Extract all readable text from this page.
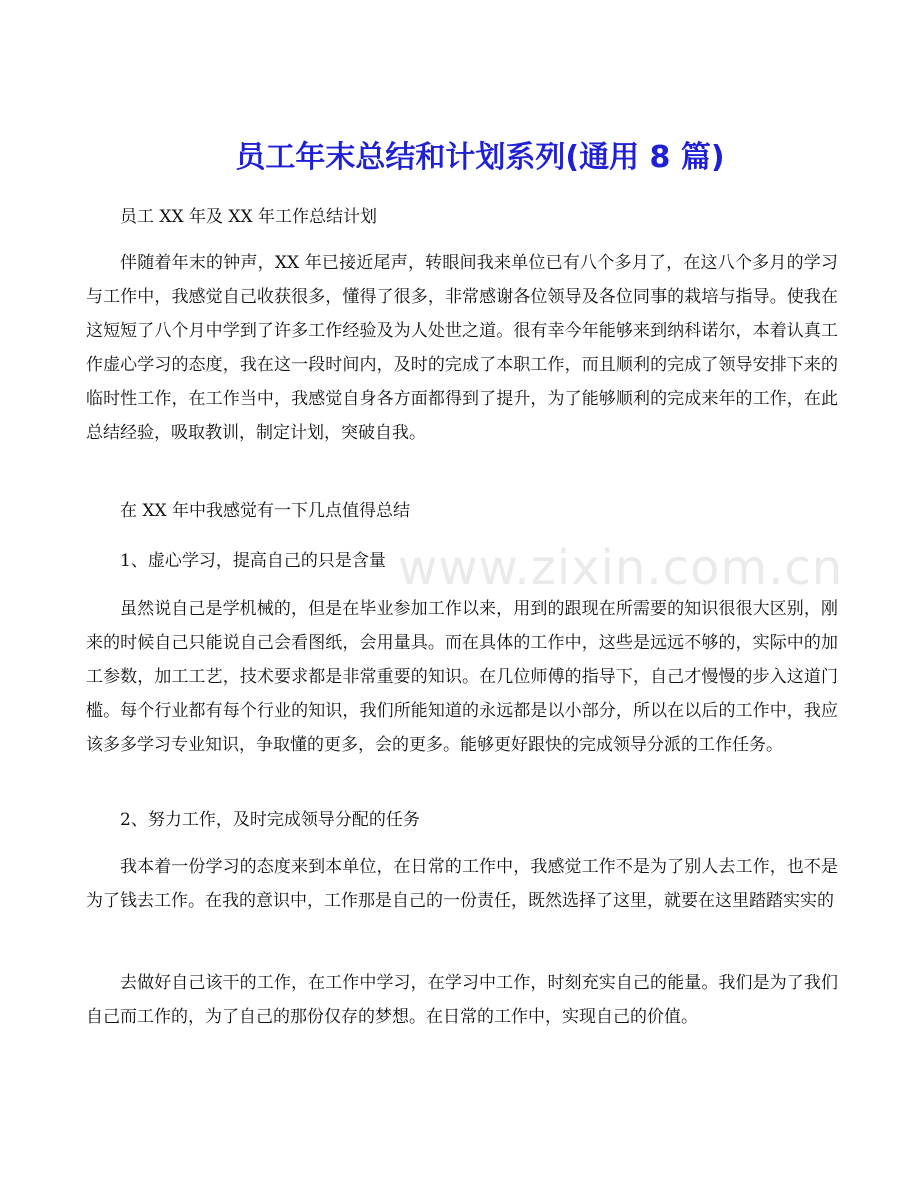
员工年末总结和计划系列(通用 8 篇)

员工 XX 年及 XX 年工作总结计划

伴随着年末的钟声，XX 年已接近尾声，转眼间我来单位已有八个多月了，在这八个多月的学习与工作中，我感觉自己收获很多，懂得了很多，非常感谢各位领导及各位同事的栽培与指导。使我在这短短了八个月中学到了许多工作经验及为人处世之道。很有幸今年能够来到纳科诺尔，本着认真工作虚心学习的态度，我在这一段时间内，及时的完成了本职工作，而且顺利的完成了领导安排下来的临时性工作，在工作当中，我感觉自身各方面都得到了提升，为了能够顺利的完成来年的工作，在此总结经验，吸取教训，制定计划，突破自我。

在 XX 年中我感觉有一下几点值得总结

1、虚心学习，提高自己的只是含量

虽然说自己是学机械的，但是在毕业参加工作以来，用到的跟现在所需要的知识很很大区别，刚来的时候自己只能说自己会看图纸，会用量具。而在具体的工作中，这些是远远不够的，实际中的加工参数，加工工艺，技术要求都是非常重要的知识。在几位师傅的指导下，自己才慢慢的步入这道门槛。每个行业都有每个行业的知识，我们所能知道的永远都是以小部分，所以在以后的工作中，我应该多多学习专业知识，争取懂的更多，会的更多。能够更好跟快的完成领导分派的工作任务。

2、努力工作，及时完成领导分配的任务

我本着一份学习的态度来到本单位，在日常的工作中，我感觉工作不是为了别人去工作，也不是为了钱去工作。在我的意识中，工作那是自己的一份责任，既然选择了这里，就要在这里踏踏实实的

去做好自己该干的工作，在工作中学习，在学习中工作，时刻充实自己的能量。我们是为了我们自己而工作的，为了自己的那份仅存的梦想。在日常的工作中，实现自己的价值。

www.zixin.com.cn
